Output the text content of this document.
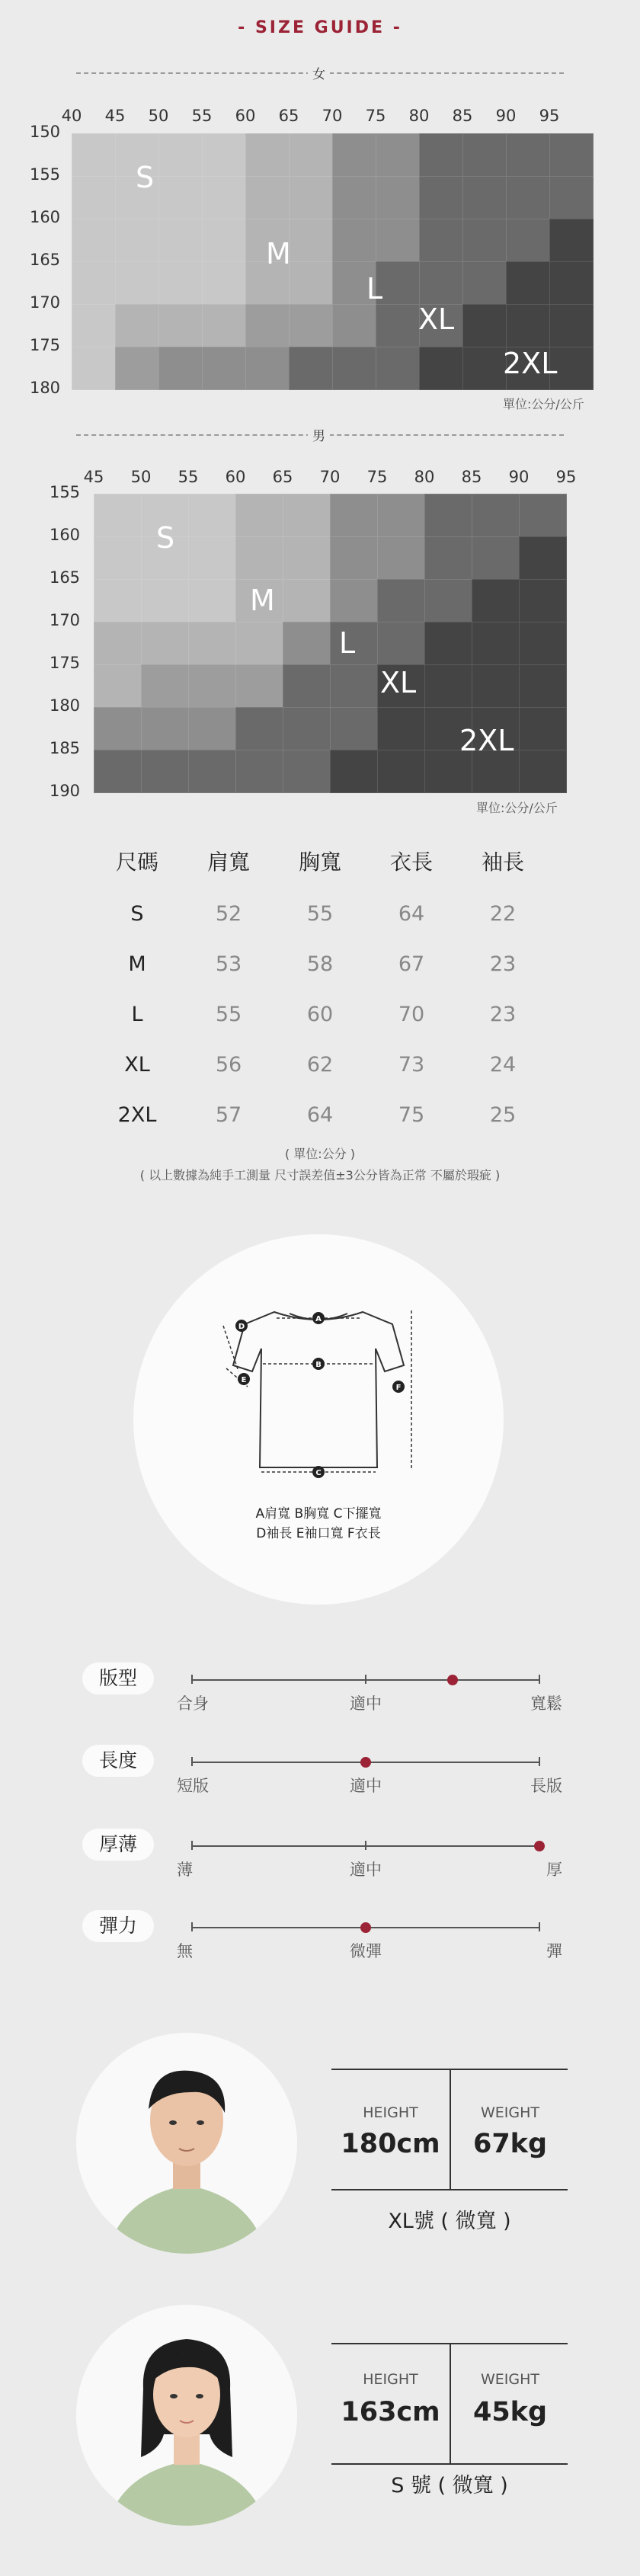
- SIZE GUIDE -
女
40	45	50	55	60	65	70	75	80	85	90	95
150
155
160
165
170
175
180
S
M
L
XL
2XL
單位:公分/公斤
男
45	50	55	60	65	70	75	80	85	90	95
155
160
165
170
175
180
185
190
S
M
L
XL
2XL
單位:公分/公斤
尺碼	肩寬	胸寬	衣長	袖長
S	52	55	64	22
M	53	58	67	23
L	55	60	70	23
XL	56	62	73	24
2XL	57	64	75	25
( 單位:公分 )
( 以上數據為純手工測量 尺寸誤差值±3公分皆為正常 不屬於瑕疵 )
A
B
C
D
E
F
A肩寬 B胸寬 C下擺寬
D袖長 E袖口寬 F衣長
版型
合身	適中	寬鬆
長度
短版	適中	長版
厚薄
薄	適中	厚
彈力
無	微彈	彈
HEIGHT	WEIGHT
180cm	67kg
XL號 ( 微寬 )
HEIGHT	WEIGHT
163cm	45kg
S 號 ( 微寬 )
